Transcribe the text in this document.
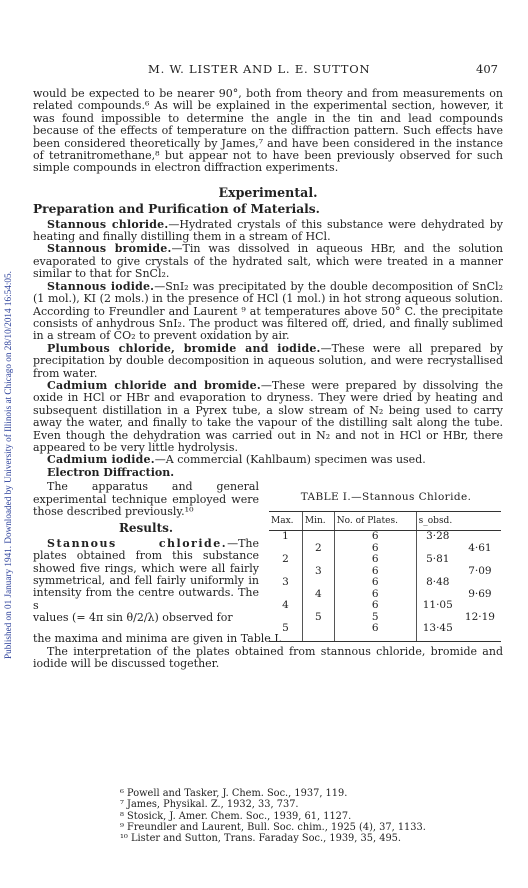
M. W. LISTER AND L. E. SUTTON	407
Published on 01 January 1941. Downloaded by University of Illinois at Chicago on 28/10/2014 16:54:05.

would be expected to be nearer 90°, both from theory and from measurements on related compounds.⁶ As will be explained in the experimental section, however, it was found impossible to determine the angle in the tin and lead compounds because of the effects of temperature on the diffraction pattern. Such effects have been considered theoretically by James,⁷ and have been considered in the instance of tetranitromethane,⁸ but appear not to have been previously observed for such simple compounds in electron diffraction experiments.

Experimental.
Preparation and Purification of Materials.

Stannous chloride.—Hydrated crystals of this substance were dehydrated by heating and finally distilling them in a stream of HCl.

Stannous bromide.—Tin was dissolved in aqueous HBr, and the solution evaporated to give crystals of the hydrated salt, which were treated in a manner similar to that for SnCl₂.

Stannous iodide.—SnI₂ was precipitated by the double decomposition of SnCl₂ (1 mol.), KI (2 mols.) in the presence of HCl (1 mol.) in hot strong aqueous solution. According to Freundler and Laurent ⁹ at temperatures above 50° C. the precipitate consists of anhydrous SnI₂. The product was filtered off, dried, and finally sublimed in a stream of CO₂ to prevent oxidation by air.

Plumbous chloride, bromide and iodide.—These were all prepared by precipitation by double decomposition in aqueous solution, and were recrystallised from water.

Cadmium chloride and bromide.—These were prepared by dissolving the oxide in HCl or HBr and evaporation to dryness. They were dried by heating and subsequent distillation in a Pyrex tube, a slow stream of N₂ being used to carry away the water, and finally to take the vapour of the distilling salt along the tube. Even though the dehydration was carried out in N₂ and not in HCl or HBr, there appeared to be very little hydrolysis.

Cadmium iodide.—A commercial (Kahlbaum) specimen was used.

Electron Diffraction.

The apparatus and general experimental technique employed were those described previously.¹⁰

Results.

Stannous chloride.—The plates obtained from this substance showed five rings, which were all fairly symmetrical, and fell fairly uniformly in intensity from the centre outwards. The s

values (= 4π sin θ/2/λ) observed for

TABLE I.—Stannous Chloride.
Max.	Min.	No. of Plates.	s_obsd.	
1		6	3·28	
	2	6		4·61
2		6	5·81	
	3	6		7·09
3		6	8·48	
	4	6		9·69
4		6	11·05	
	5	5		12·19
5		6	13·45	

the maxima and minima are given in Table I.

The interpretation of the plates obtained from stannous chloride, bromide and iodide will be discussed together.

⁶ Powell and Tasker, J. Chem. Soc., 1937, 119.
⁷ James, Physikal. Z., 1932, 33, 737.
⁸ Stosick, J. Amer. Chem. Soc., 1939, 61, 1127.
⁹ Freundler and Laurent, Bull. Soc. chim., 1925 (4), 37, 1133.
¹⁰ Lister and Sutton, Trans. Faraday Soc., 1939, 35, 495.
